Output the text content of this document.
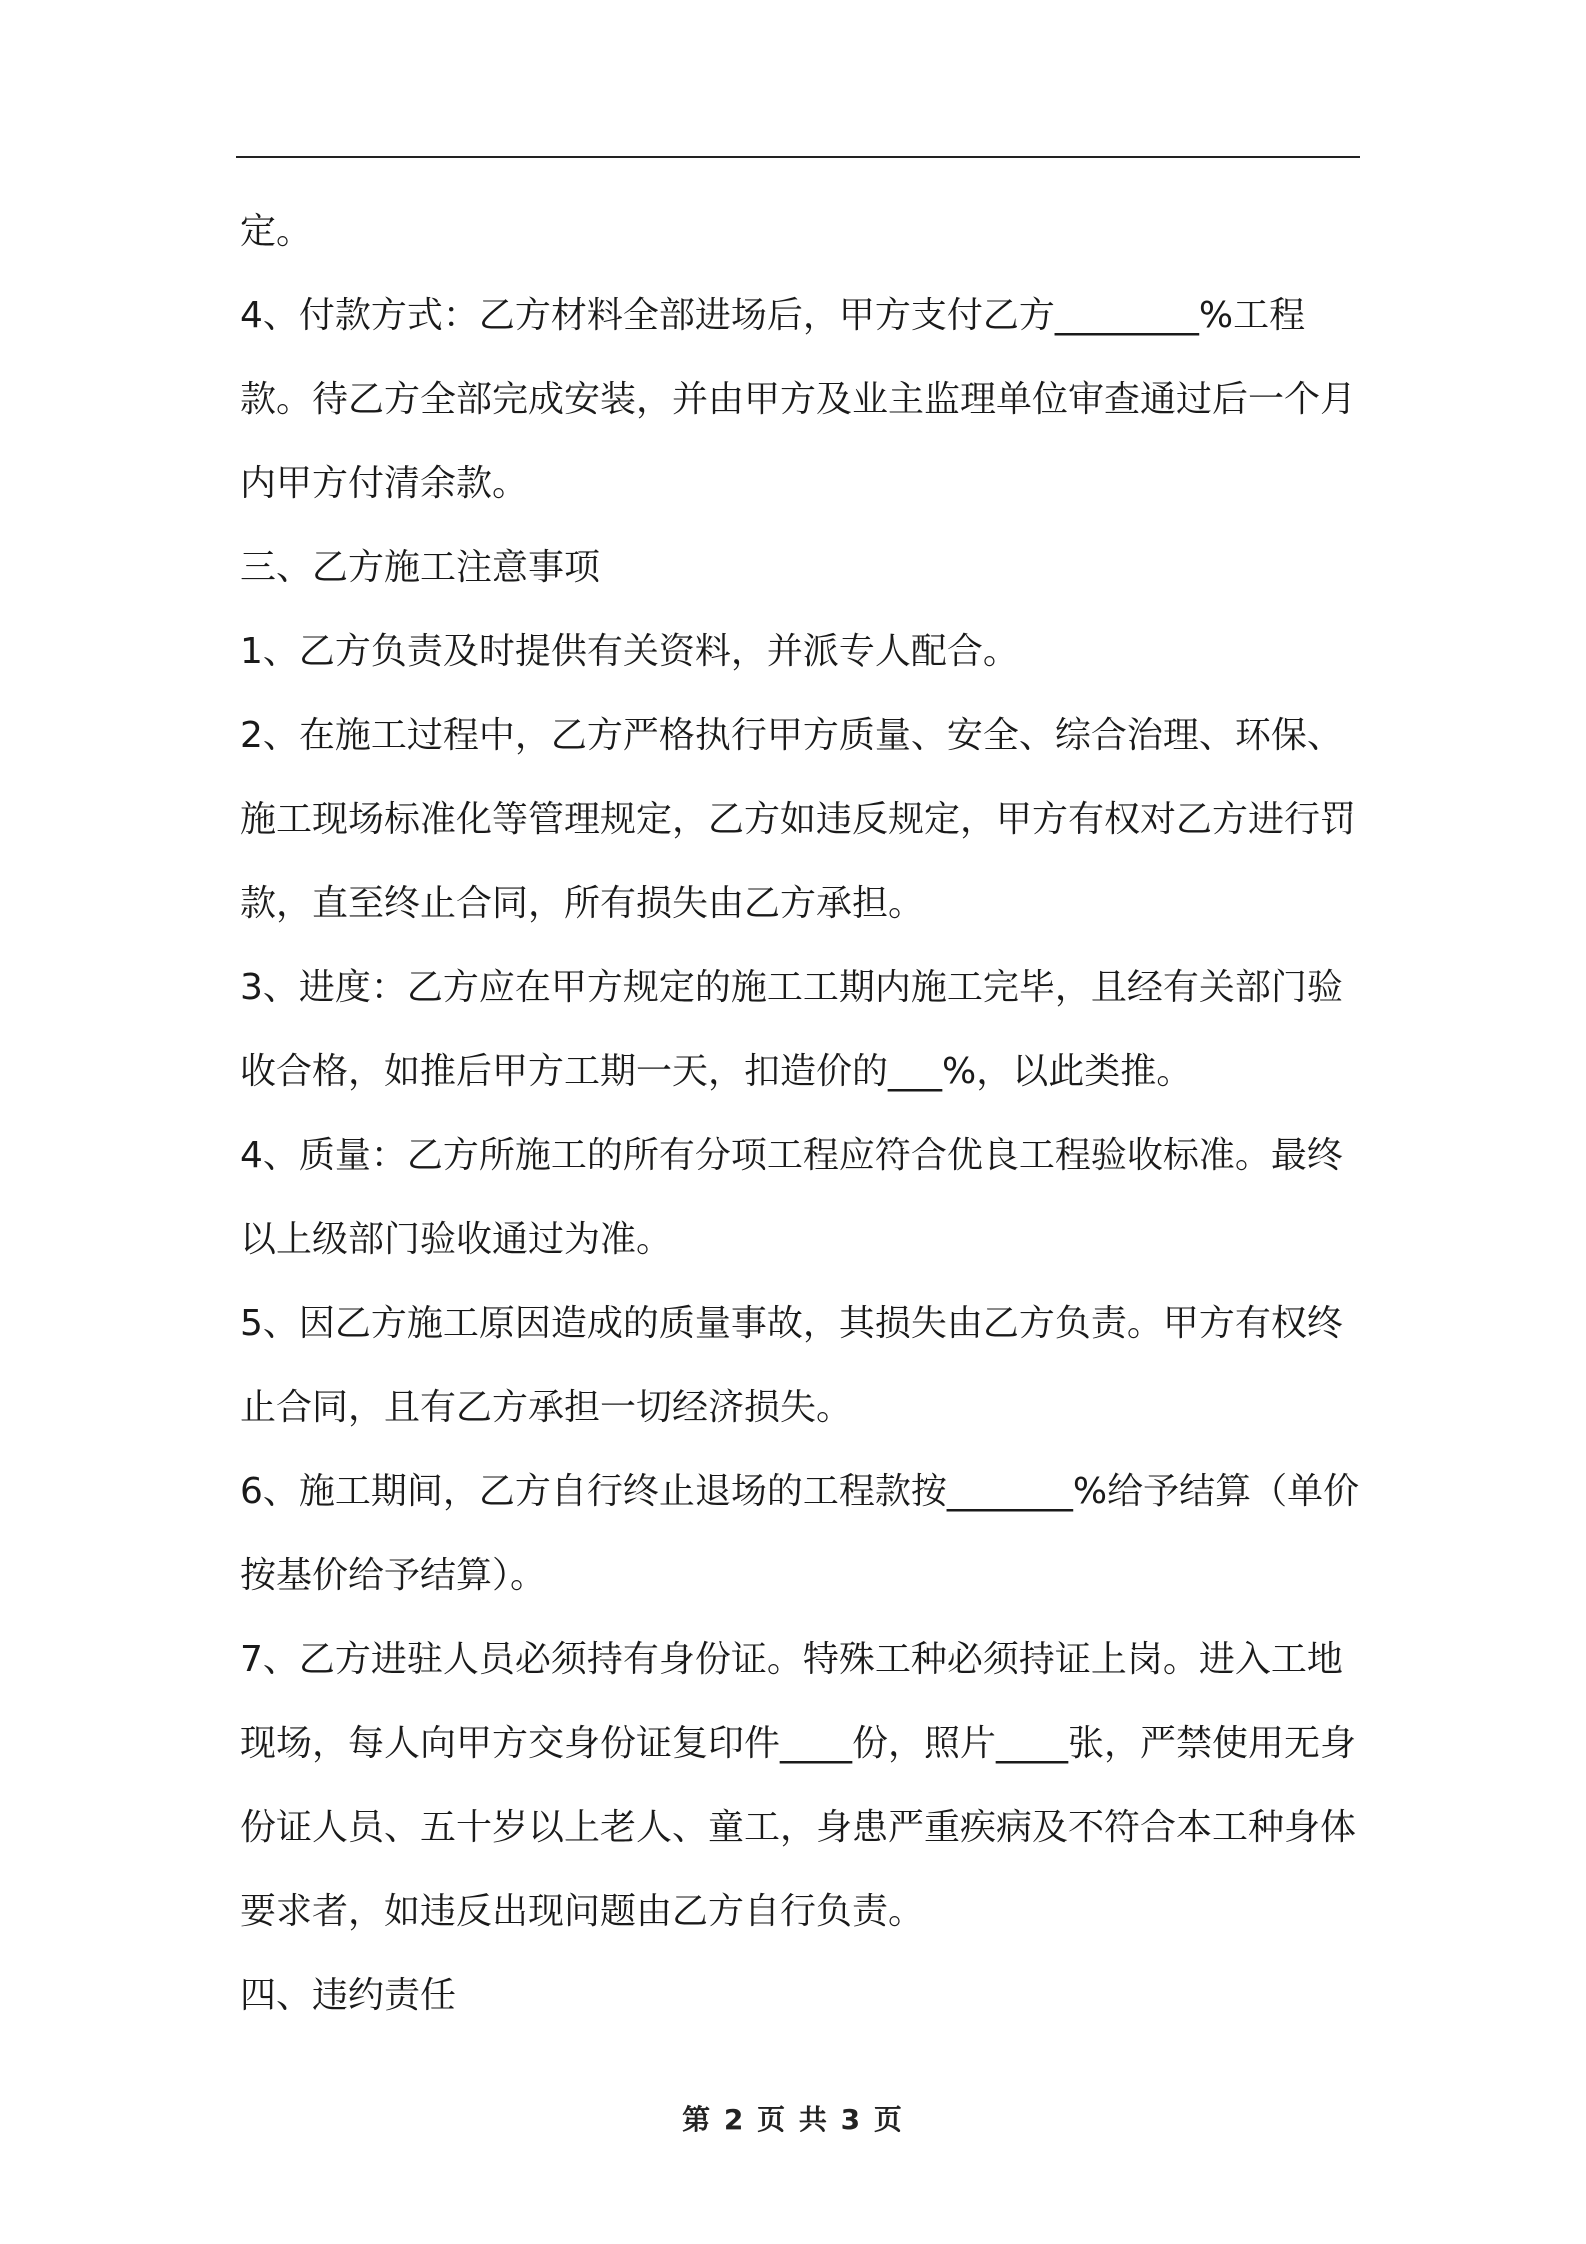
定。

4、付款方式：乙方材料全部进场后，甲方支付乙方________%工程款。待乙方全部完成安装，并由甲方及业主监理单位审查通过后一个月内甲方付清余款。

三、乙方施工注意事项

1、乙方负责及时提供有关资料，并派专人配合。

2、在施工过程中，乙方严格执行甲方质量、安全、综合治理、环保、施工现场标准化等管理规定，乙方如违反规定，甲方有权对乙方进行罚款，直至终止合同，所有损失由乙方承担。

3、进度：乙方应在甲方规定的施工工期内施工完毕，且经有关部门验收合格，如推后甲方工期一天，扣造价的___%，以此类推。

4、质量：乙方所施工的所有分项工程应符合优良工程验收标准。最终以上级部门验收通过为准。

5、因乙方施工原因造成的质量事故，其损失由乙方负责。甲方有权终止合同，且有乙方承担一切经济损失。

6、施工期间，乙方自行终止退场的工程款按_______%给予结算（单价按基价给予结算）。

7、乙方进驻人员必须持有身份证。特殊工种必须持证上岗。进入工地现场，每人向甲方交身份证复印件____份，照片____张，严禁使用无身份证人员、五十岁以上老人、童工，身患严重疾病及不符合本工种身体要求者，如违反出现问题由乙方自行负责。

四、违约责任

第 2 页 共 3 页
